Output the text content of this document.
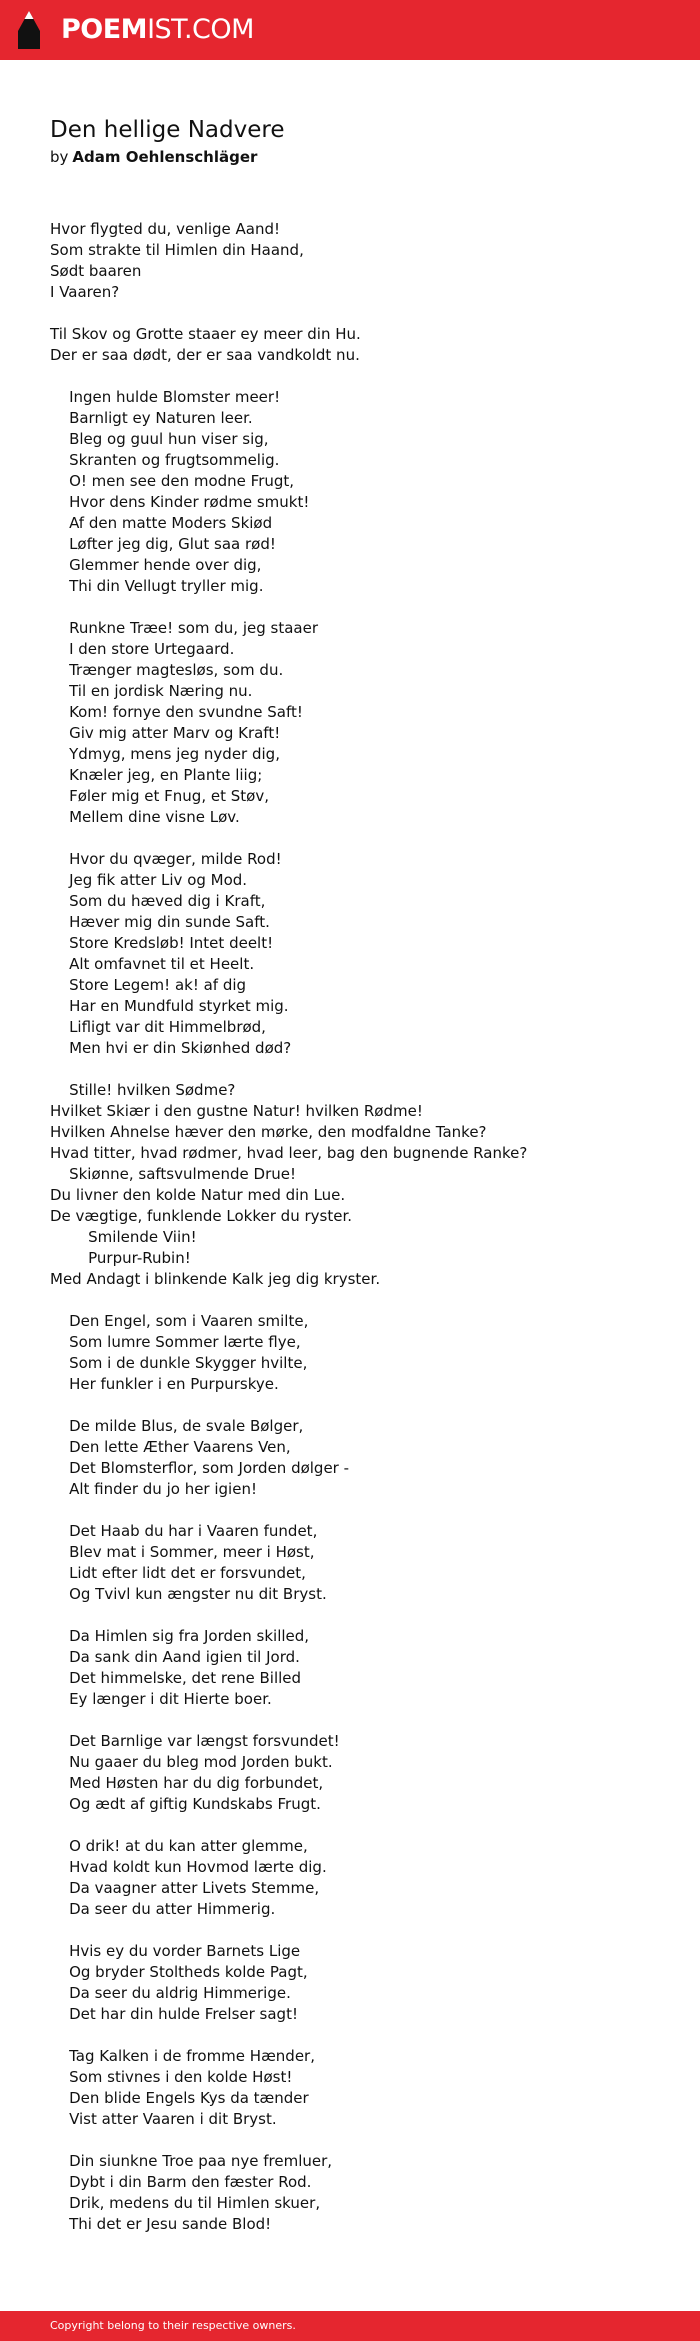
POEMIST.COM
Den hellige Nadvere
by Adam Oehlenschläger
Hvor flygted du, venlige Aand!
Som strakte til Himlen din Haand,
Sødt baaren
I Vaaren?
Til Skov og Grotte staaer ey meer din Hu.
Der er saa dødt, der er saa vandkoldt nu.
Ingen hulde Blomster meer!
Barnligt ey Naturen leer.
Bleg og guul hun viser sig,
Skranten og frugtsommelig.
O! men see den modne Frugt,
Hvor dens Kinder rødme smukt!
Af den matte Moders Skiød
Løfter jeg dig, Glut saa rød!
Glemmer hende over dig,
Thi din Vellugt tryller mig.
Runkne Træe! som du, jeg staaer
I den store Urtegaard.
Trænger magtesløs, som du.
Til en jordisk Næring nu.
Kom! fornye den svundne Saft!
Giv mig atter Marv og Kraft!
Ydmyg, mens jeg nyder dig,
Knæler jeg, en Plante liig;
Føler mig et Fnug, et Støv,
Mellem dine visne Løv.
Hvor du qvæger, milde Rod!
Jeg fik atter Liv og Mod.
Som du hæved dig i Kraft,
Hæver mig din sunde Saft.
Store Kredsløb! Intet deelt!
Alt omfavnet til et Heelt.
Store Legem! ak! af dig
Har en Mundfuld styrket mig.
Lifligt var dit Himmelbrød,
Men hvi er din Skiønhed død?
Stille! hvilken Sødme?
Hvilket Skiær i den gustne Natur! hvilken Rødme!
Hvilken Ahnelse hæver den mørke, den modfaldne Tanke?
Hvad titter, hvad rødmer, hvad leer, bag den bugnende Ranke?
Skiønne, saftsvulmende Drue!
Du livner den kolde Natur med din Lue.
De vægtige, funklende Lokker du ryster.
Smilende Viin!
Purpur-Rubin!
Med Andagt i blinkende Kalk jeg dig kryster.
Den Engel, som i Vaaren smilte,
Som lumre Sommer lærte flye,
Som i de dunkle Skygger hvilte,
Her funkler i en Purpurskye.
De milde Blus, de svale Bølger,
Den lette Æther Vaarens Ven,
Det Blomsterflor, som Jorden dølger -
Alt finder du jo her igien!
Det Haab du har i Vaaren fundet,
Blev mat i Sommer, meer i Høst,
Lidt efter lidt det er forsvundet,
Og Tvivl kun ængster nu dit Bryst.
Da Himlen sig fra Jorden skilled,
Da sank din Aand igien til Jord.
Det himmelske, det rene Billed
Ey længer i dit Hierte boer.
Det Barnlige var længst forsvundet!
Nu gaaer du bleg mod Jorden bukt.
Med Høsten har du dig forbundet,
Og ædt af giftig Kundskabs Frugt.
O drik! at du kan atter glemme,
Hvad koldt kun Hovmod lærte dig.
Da vaagner atter Livets Stemme,
Da seer du atter Himmerig.
Hvis ey du vorder Barnets Lige
Og bryder Stoltheds kolde Pagt,
Da seer du aldrig Himmerige.
Det har din hulde Frelser sagt!
Tag Kalken i de fromme Hænder,
Som stivnes i den kolde Høst!
Den blide Engels Kys da tænder
Vist atter Vaaren i dit Bryst.
Din siunkne Troe paa nye fremluer,
Dybt i din Barm den fæster Rod.
Drik, medens du til Himlen skuer,
Thi det er Jesu sande Blod!
Copyright belong to their respective owners.
